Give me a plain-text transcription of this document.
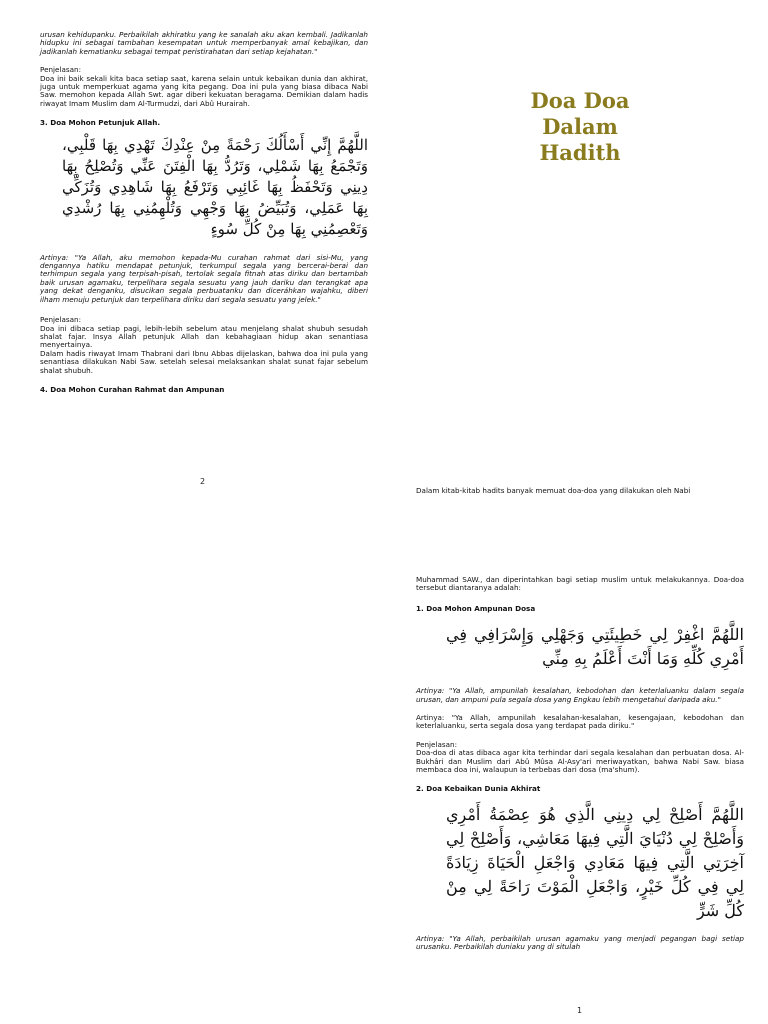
urusan kehidupanku. Perbaikilah akhiratku yang ke sanalah aku akan kembali. Jadikanlah hidupku ini sebagai tambahan kesempatan untuk memperbanyak amal kebajikan, dan jadikanlah kematianku sebagai tempat peristirahatan dari setiap kejahatan."

Penjelasan:

Doa ini baik sekali kita baca setiap saat, karena selain untuk kebaikan dunia dan akhirat, juga untuk memperkuat agama yang kita pegang. Doa ini pula yang biasa dibaca Nabi Saw. memohon kepada Allah Swt. agar diberi kekuatan beragama. Demikian dalam hadis riwayat Imam Muslim dam Al-Turmudzi, dari Abû Hurairah.

3. Doa Mohon Petunjuk Allah.

اللَّهُمَّ إِنِّي أَسْأَلُكَ رَحْمَةً مِنْ عِنْدِكَ تَهْدِي بِهَا قَلْبِي، وَتَجْمَعُ بِهَا شَمْلِي، وَتَرُدُّ بِهَا الْفِتَنَ عَنِّي وَتُصْلِحُ بِهَا دِينِي وَتَحْفَظُ بِهَا غَائِبِي وَتَرْفَعُ بِهَا شَاهِدِي وَتُزَكِّي بِهَا عَمَلِي، وَتُبَيِّضُ بِهَا وَجْهِي وَتُلْهِمُنِي بِهَا رُشْدِي وَتَعْصِمُنِي بِهَا مِنْ كُلِّ سُوءٍ

Artinya: "Ya Allah, aku memohon kepada-Mu curahan rahmat dari sisi-Mu, yang dengannya hatiku mendapat petunjuk, terkumpul segala yang bercerai-berai dan terhimpun segala yang terpisah-pisah, tertolak segala fitnah atas diriku dan bertambah baik urusan agamaku, terpelihara segala sesuatu yang jauh dariku dan terangkat apa yang dekat denganku, disucikan segala perbuatanku dan diceráhkan wajahku, diberi ilham menuju petunjuk dan terpelihara diriku dari segala sesuatu yang jelek."

Penjelasan:

Doa ini dibaca setiap pagi, lebih-lebih sebelum atau menjelang shalat shubuh sesudah shalat fajar. Insya Allah petunjuk Allah dan kebahagiaan hidup akan senantiasa menyertainya.

Dalam hadis riwayat Imam Thabrani dari Ibnu Abbas dijelaskan, bahwa doa ini pula yang senantiasa dilakukan Nabi Saw. setelah selesai melaksankan shalat sunat fajar sebelum shalat shubuh.

4. Doa Mohon Curahan Rahmat dan Ampunan

2
Doa Doa
Dalam
Hadith

Dalam kitab-kitab hadits banyak memuat doa-doa yang dilakukan oleh Nabi

Muhammad SAW., dan diperintahkan bagi setiap muslim untuk melakukannya. Doa-doa tersebut diantaranya adalah:

1. Doa Mohon Ampunan Dosa

اللَّهُمَّ اغْفِرْ لِي خَطِيئَتِي وَجَهْلِي وَإِسْرَافِي فِي أَمْرِي كُلِّهِ وَمَا أَنْتَ أَعْلَمُ بِهِ مِنِّي

Artinya: "Ya Allah, ampunilah kesalahan, kebodohan dan keterlaluanku dalam segala urusan, dan ampuni pula segala dosa yang Engkau lebih mengetahui daripada aku."

Artinya: "Ya Allah, ampunilah kesalahan-kesalahan, kesengajaan, kebodohan dan keterlaluanku, serta segala dosa yang terdapat pada diriku."

Penjelasan:

Doa-doa di atas dibaca agar kita terhindar dari segala kesalahan dan perbuatan dosa. Al-Bukhâri dan Muslim dari Abû Mûsa Al-Asy'ari meriwayatkan, bahwa Nabi Saw. biasa membaca doa ini, walaupun ia terbebas dari dosa (ma'shum).

2. Doa Kebaikan Dunia Akhirat

اللَّهُمَّ أَصْلِحْ لِي دِينِي الَّذِي هُوَ عِصْمَةُ أَمْرِي وَأَصْلِحْ لِي دُنْيَايَ الَّتِي فِيهَا مَعَاشِي، وَأَصْلِحْ لِي آخِرَتِي الَّتِي فِيهَا مَعَادِي وَاجْعَلِ الْحَيَاةَ زِيَادَةً لِي فِي كُلِّ خَيْرٍ، وَاجْعَلِ الْمَوْتَ رَاحَةً لِي مِنْ كُلِّ شَرٍّ

Artinya: "Ya Allah, perbaikilah urusan agamaku yang menjadi pegangan bagi setiap urusanku. Perbaikilah duniaku yang di situlah

1
